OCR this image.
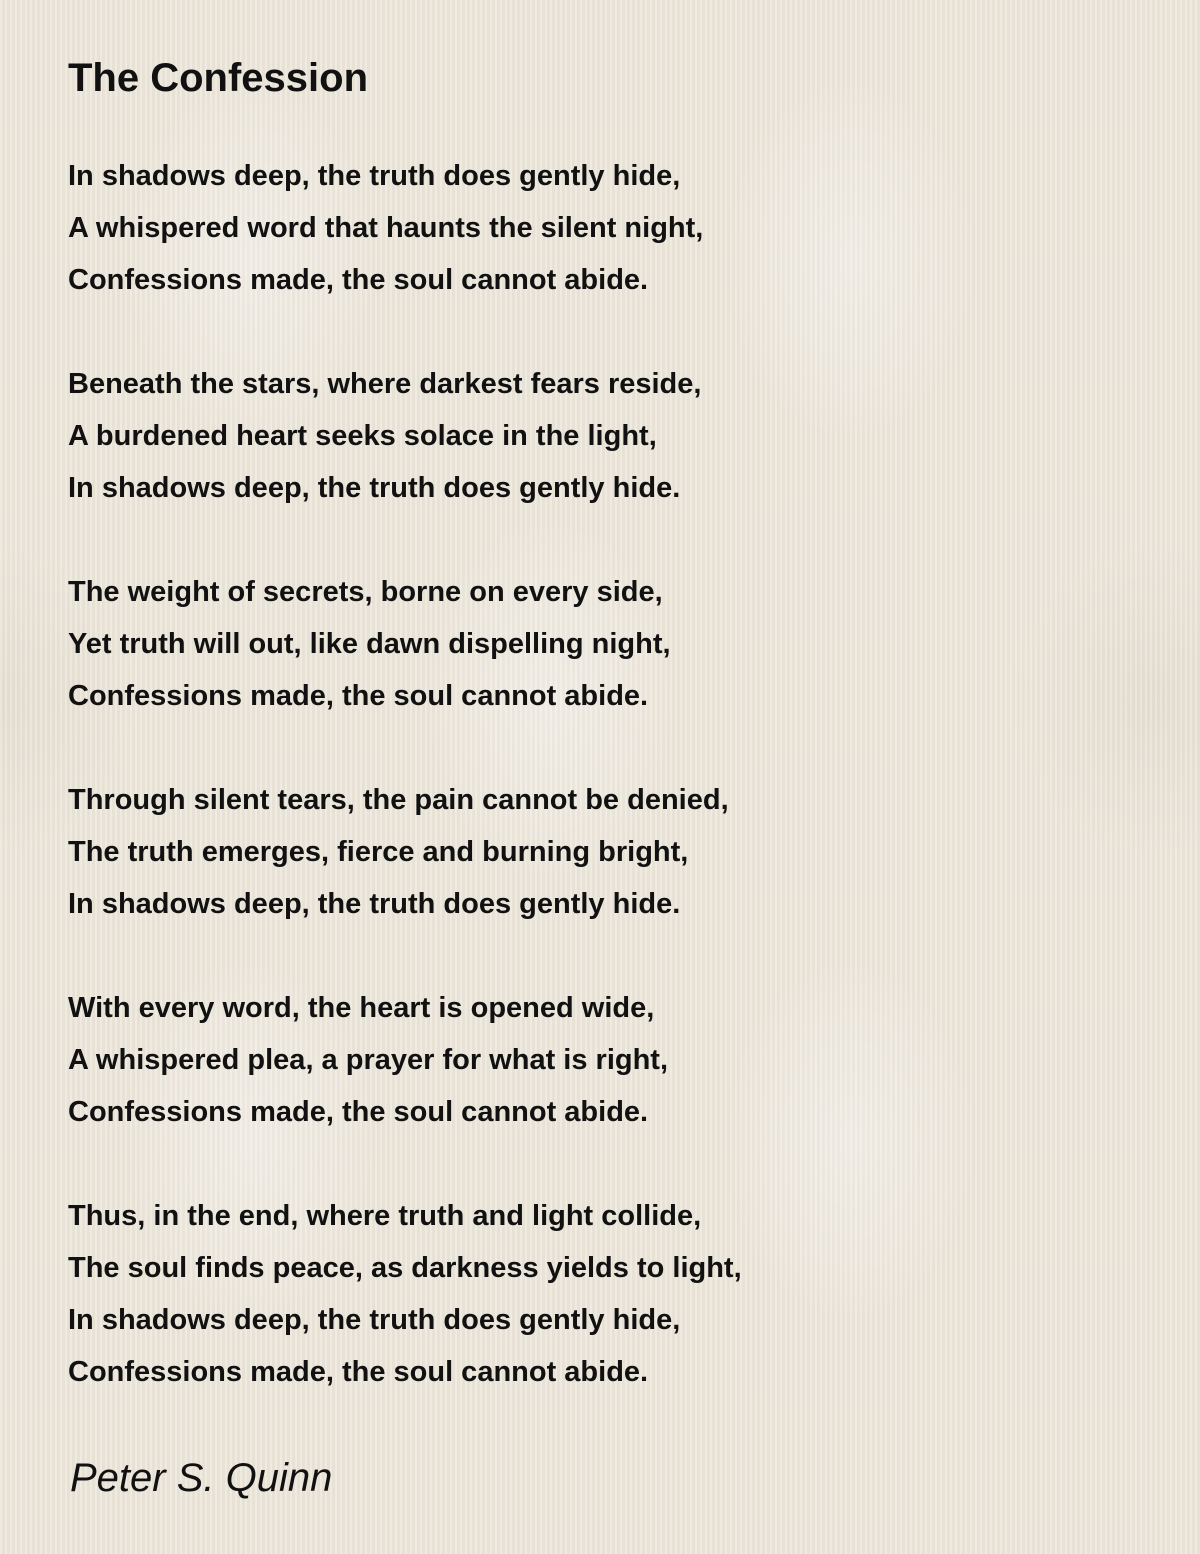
The Confession
In shadows deep, the truth does gently hide,
A whispered word that haunts the silent night,
Confessions made, the soul cannot abide.
Beneath the stars, where darkest fears reside,
A burdened heart seeks solace in the light,
In shadows deep, the truth does gently hide.
The weight of secrets, borne on every side,
Yet truth will out, like dawn dispelling night,
Confessions made, the soul cannot abide.
Through silent tears, the pain cannot be denied,
The truth emerges, fierce and burning bright,
In shadows deep, the truth does gently hide.
With every word, the heart is opened wide,
A whispered plea, a prayer for what is right,
Confessions made, the soul cannot abide.
Thus, in the end, where truth and light collide,
The soul finds peace, as darkness yields to light,
In shadows deep, the truth does gently hide,
Confessions made, the soul cannot abide.
Peter S. Quinn
